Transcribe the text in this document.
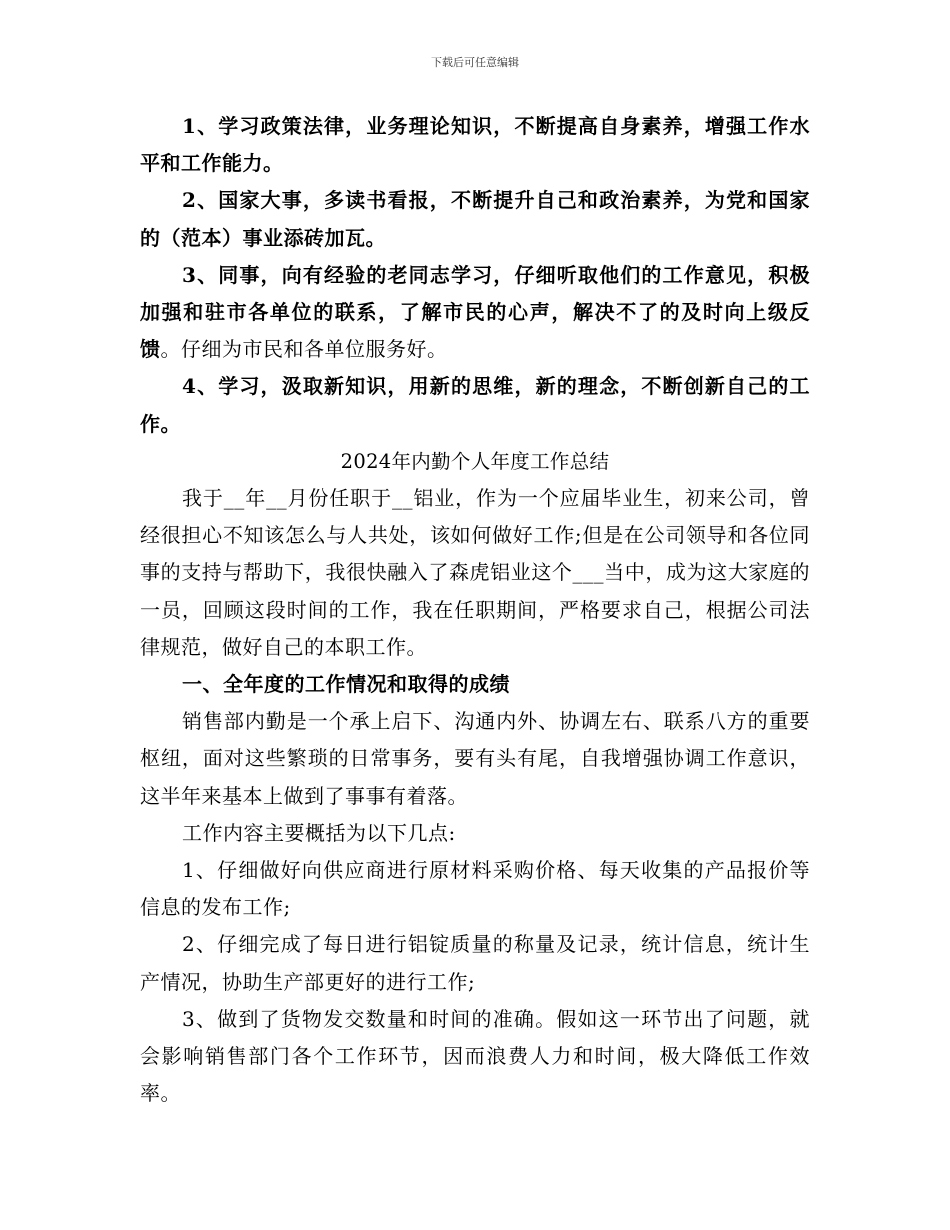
下载后可任意编辑

1、学习政策法律，业务理论知识，不断提高自身素养，增强工作水平和工作能力。

2、国家大事，多读书看报，不断提升自己和政治素养，为党和国家的（范本）事业添砖加瓦。

3、同事，向有经验的老同志学习，仔细听取他们的工作意见，积极加强和驻市各单位的联系，了解市民的心声，解决不了的及时向上级反馈。仔细为市民和各单位服务好。

4、学习，汲取新知识，用新的思维，新的理念，不断创新自己的工作。

2024年内勤个人年度工作总结

我于__年__月份任职于__铝业，作为一个应届毕业生，初来公司，曾经很担心不知该怎么与人共处，该如何做好工作;但是在公司领导和各位同事的支持与帮助下，我很快融入了森虎铝业这个___当中，成为这大家庭的一员，回顾这段时间的工作，我在任职期间，严格要求自己，根据公司法律规范，做好自己的本职工作。

一、全年度的工作情况和取得的成绩

销售部内勤是一个承上启下、沟通内外、协调左右、联系八方的重要枢纽，面对这些繁琐的日常事务，要有头有尾，自我增强协调工作意识，这半年来基本上做到了事事有着落。

工作内容主要概括为以下几点:

1、仔细做好向供应商进行原材料采购价格、每天收集的产品报价等信息的发布工作;

2、仔细完成了每日进行铝锭质量的称量及记录，统计信息，统计生产情况，协助生产部更好的进行工作;

3、做到了货物发交数量和时间的准确。假如这一环节出了问题，就会影响销售部门各个工作环节，因而浪费人力和时间，极大降低工作效率。
